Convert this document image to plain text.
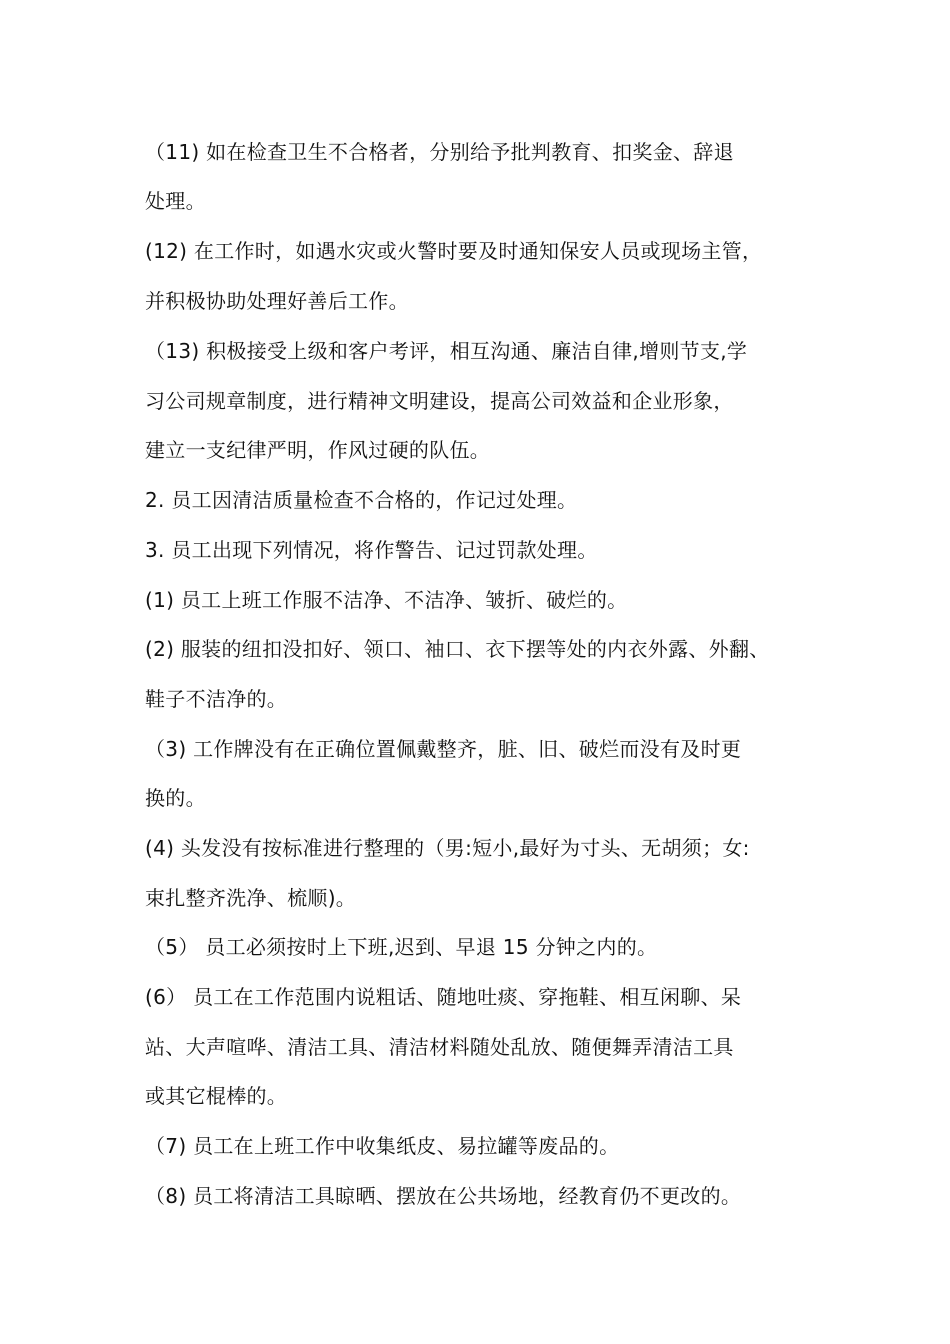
（11) 如在检查卫生不合格者，分别给予批判教育、扣奖金、辞退
处理。
(12) 在工作时，如遇水灾或火警时要及时通知保安人员或现场主管，
并积极协助处理好善后工作。
（13) 积极接受上级和客户考评，相互沟通、廉洁自律,增则节支,学
习公司规章制度，进行精神文明建设，提高公司效益和企业形象，
建立一支纪律严明，作风过硬的队伍。
2. 员工因清洁质量检查不合格的，作记过处理。
3. 员工出现下列情况，将作警告、记过罚款处理。
(1) 员工上班工作服不洁净、不洁净、皱折、破烂的。
(2) 服装的纽扣没扣好、领口、袖口、衣下摆等处的内衣外露、外翻、
鞋子不洁净的。
（3) 工作牌没有在正确位置佩戴整齐，脏、旧、破烂而没有及时更
换的。
(4) 头发没有按标准进行整理的（男:短小,最好为寸头、无胡须；女:
束扎整齐洗净、梳顺)。
（5） 员工必须按时上下班,迟到、早退 15 分钟之内的。
(6） 员工在工作范围内说粗话、随地吐痰、穿拖鞋、相互闲聊、呆
站、大声喧哗、清洁工具、清洁材料随处乱放、随便舞弄清洁工具
或其它棍棒的。
（7) 员工在上班工作中收集纸皮、易拉罐等废品的。
（8) 员工将清洁工具晾晒、摆放在公共场地，经教育仍不更改的。
